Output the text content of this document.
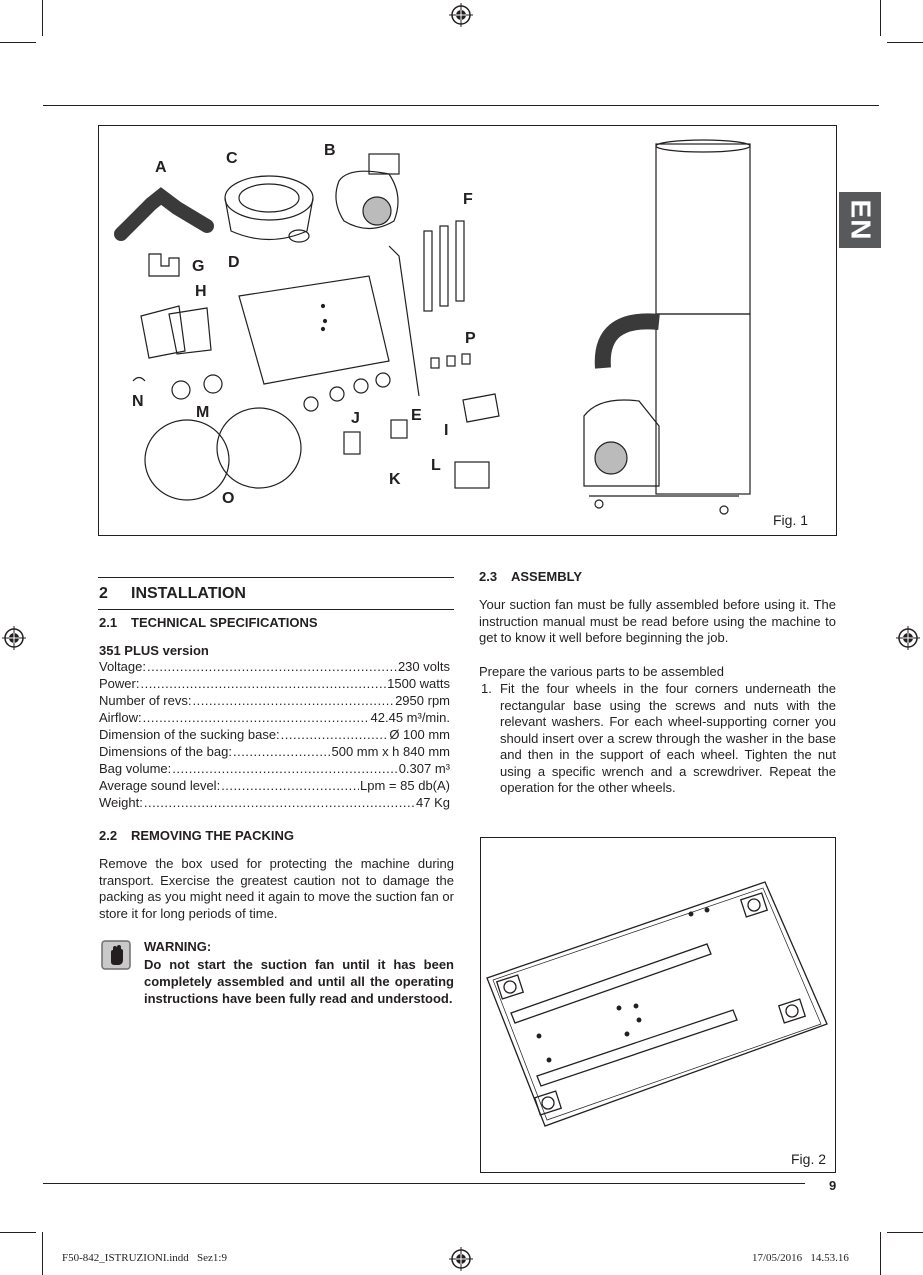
EN
A
B
C
D
E
F
G
H
I
J
K
L
M
N
O
P
Fig. 1
2 INSTALLATION
2.1 TECHNICAL SPECIFICATIONS
351 PLUS version
Voltage: .....	230 volts
Power: .....	1500 watts
Number of revs: .....	2950 rpm
Airflow: .....	42.45 m³/min.
Dimension of the sucking base: .....	Ø 100 mm
Dimensions of the bag: .....	500 mm x h 840 mm
Bag volume: .....	0.307 m³
Average sound level: .....	Lpm = 85 db(A)
Weight: .....	47 Kg
2.2 REMOVING THE PACKING
Remove the box used for protecting the machine during transport. Exercise the greatest caution not to damage the packing as you might need it again to move the suction fan or store it for long periods of time.
WARNING:
Do not start the suction fan until it has been completely assembled and until all the operating instructions have been fully read and understood.
2.3 ASSEMBLY
Your suction fan must be fully assembled before using it. The instruction manual must be read before using the machine to get to know it well before beginning the job.
Prepare the various parts to be assembled
1. Fit the four wheels in the four corners underneath the rectangular base using the screws and nuts with the relevant washers. For each wheel-supporting corner you should insert over a screw through the washer in the base and then in the support of each wheel. Tighten the nut using a specific wrench and a screwdriver. Repeat the operation for the other wheels.
Fig. 2
9
F50-842_ISTRUZIONI.indd   Sez1:9	17/05/2016   14.53.16
